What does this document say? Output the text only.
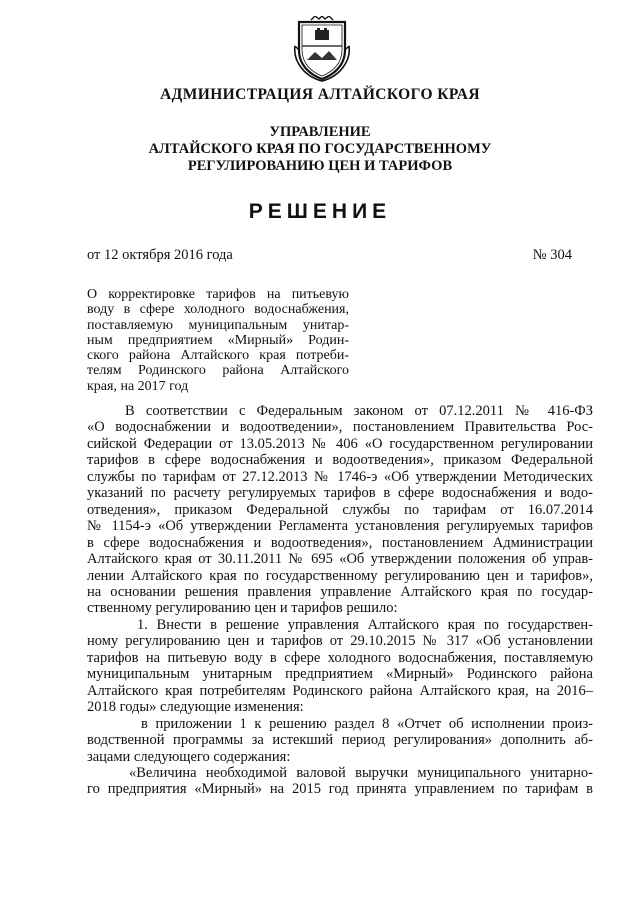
АДМИНИСТРАЦИЯ АЛТАЙСКОГО КРАЯ
УПРАВЛЕНИЕ
АЛТАЙСКОГО КРАЯ ПО ГОСУДАРСТВЕННОМУ
РЕГУЛИРОВАНИЮ ЦЕН И ТАРИФОВ
РЕШЕНИЕ
от 12 октября 2016 года	№ 304
О корректировке тарифов на питьевую
воду в сфере холодного водоснабжения,
поставляемую муниципальным унитар-
ным предприятием «Мирный» Родин-
ского района Алтайского края потреби-
телям Родинского района Алтайского
края, на 2017 год
В соответствии с Федеральным законом от 07.12.2011 № 416-ФЗ
«О водоснабжении и водоотведении», постановлением Правительства Рос-
сийской Федерации от 13.05.2013 № 406 «О государственном регулировании
тарифов в сфере водоснабжения и водоотведения», приказом Федеральной
службы по тарифам от 27.12.2013 № 1746-э «Об утверждении Методических
указаний по расчету регулируемых тарифов в сфере водоснабжения и водо-
отведения», приказом Федеральной службы по тарифам от 16.07.2014
№ 1154-э «Об утверждении Регламента установления регулируемых тарифов
в сфере водоснабжения и водоотведения», постановлением Администрации
Алтайского края от 30.11.2011 № 695 «Об утверждении положения об управ-
лении Алтайского края по государственному регулированию цен и тарифов»,
на основании решения правления управление Алтайского края по государ-
ственному регулированию цен и тарифов решило:
1. Внести в решение управления Алтайского края по государствен-
ному регулированию цен и тарифов от 29.10.2015 № 317 «Об установлении
тарифов на питьевую воду в сфере холодного водоснабжения, поставляемую
муниципальным унитарным предприятием «Мирный» Родинского района
Алтайского края потребителям Родинского района Алтайского края, на 2016–
2018 годы» следующие изменения:
в приложении 1 к решению раздел 8 «Отчет об исполнении произ-
водственной программы за истекший период регулирования» дополнить аб-
зацами следующего содержания:
«Величина необходимой валовой выручки муниципального унитарно-
го предприятия «Мирный» на 2015 год принята управлением по тарифам в
